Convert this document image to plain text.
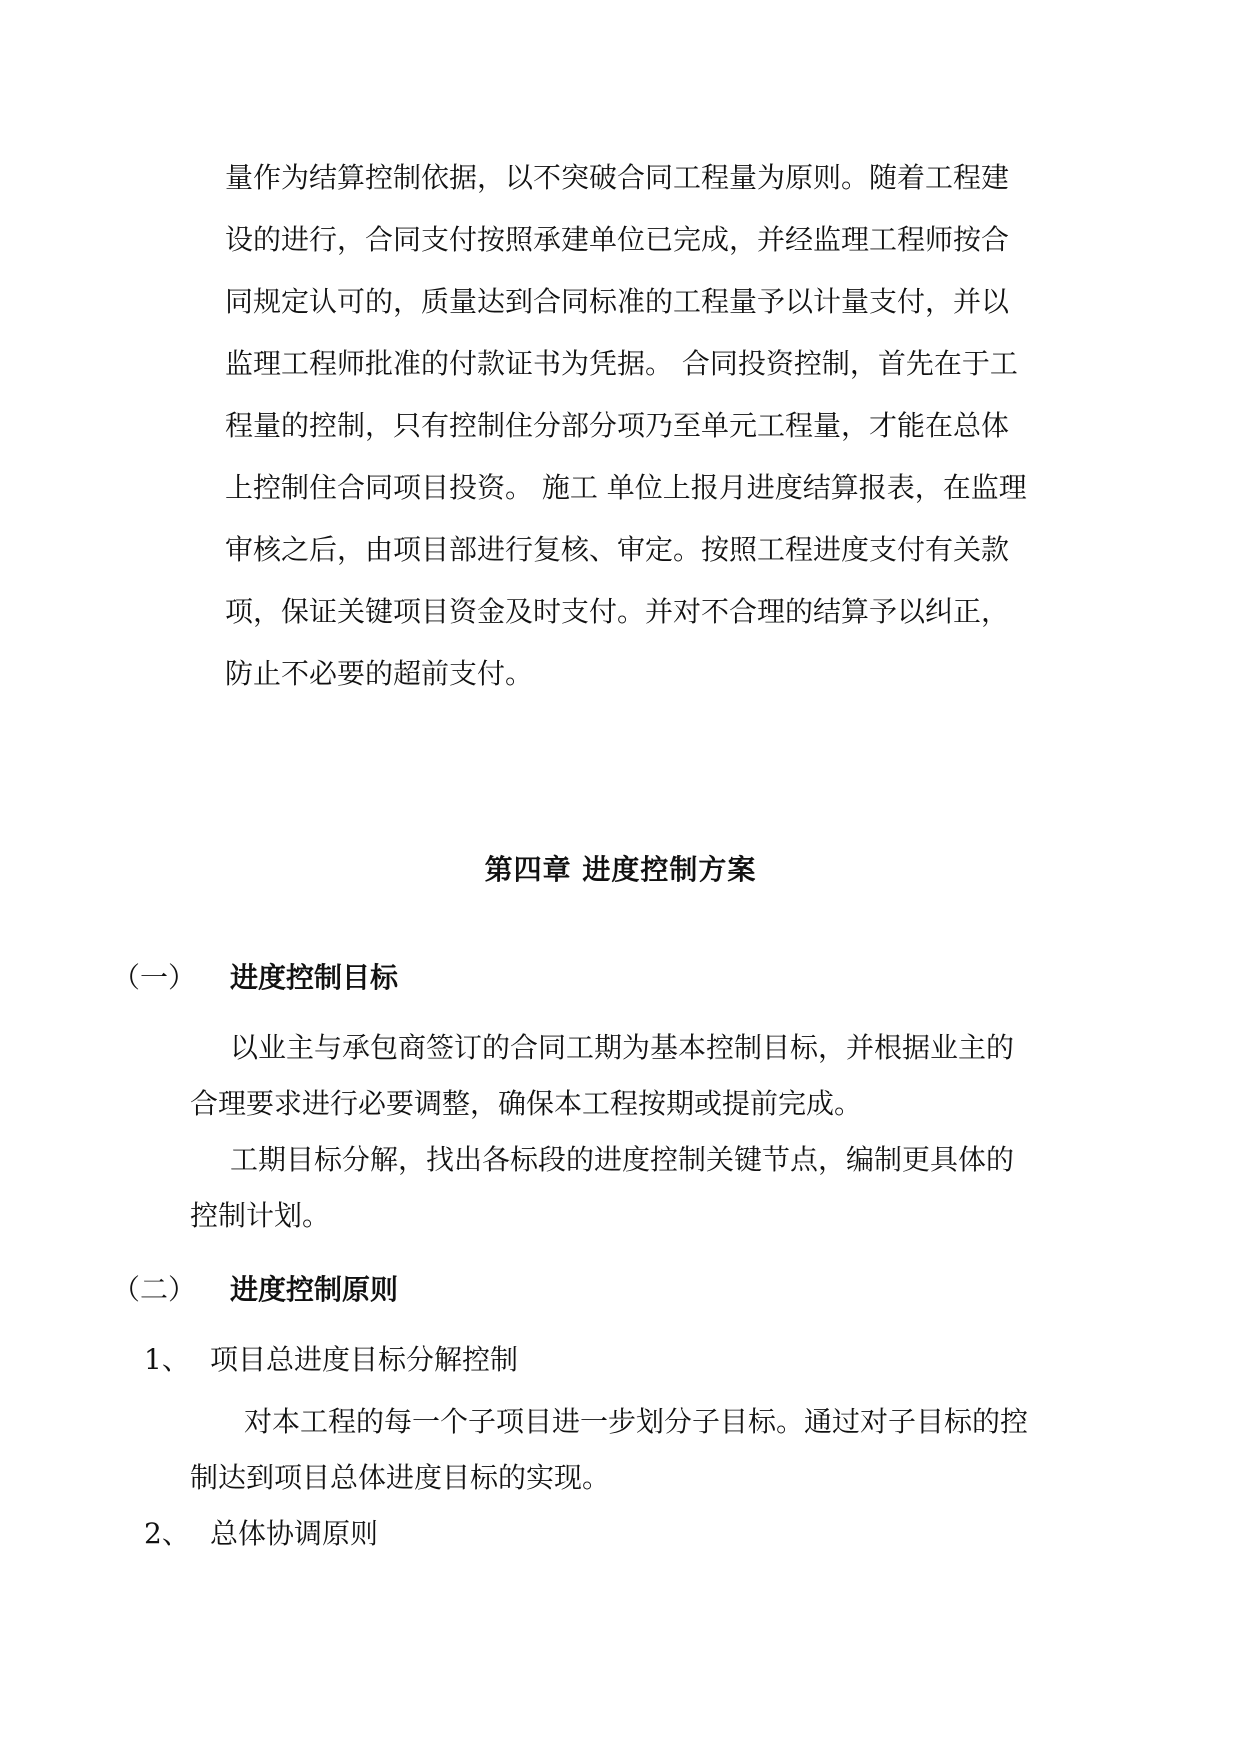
量作为结算控制依据，以不突破合同工程量为原则。随着工程建
设的进行，合同支付按照承建单位已完成，并经监理工程师按合
同规定认可的，质量达到合同标准的工程量予以计量支付，并以
监理工程师批准的付款证书为凭据。 合同投资控制，首先在于工
程量的控制，只有控制住分部分项乃至单元工程量，才能在总体
上控制住合同项目投资。 施工 单位上报月进度结算报表，在监理
审核之后，由项目部进行复核、审定。按照工程进度支付有关款
项，保证关键项目资金及时支付。并对不合理的结算予以纠正，
防止不必要的超前支付。
第四章 进度控制方案
（一） 进度控制目标
以业主与承包商签订的合同工期为基本控制目标，并根据业主的
合理要求进行必要调整，确保本工程按期或提前完成。
工期目标分解，找出各标段的进度控制关键节点，编制更具体的
控制计划。
（二） 进度控制原则
1、 项目总进度目标分解控制
对本工程的每一个子项目进一步划分子目标。通过对子目标的控
制达到项目总体进度目标的实现。
2、 总体协调原则
